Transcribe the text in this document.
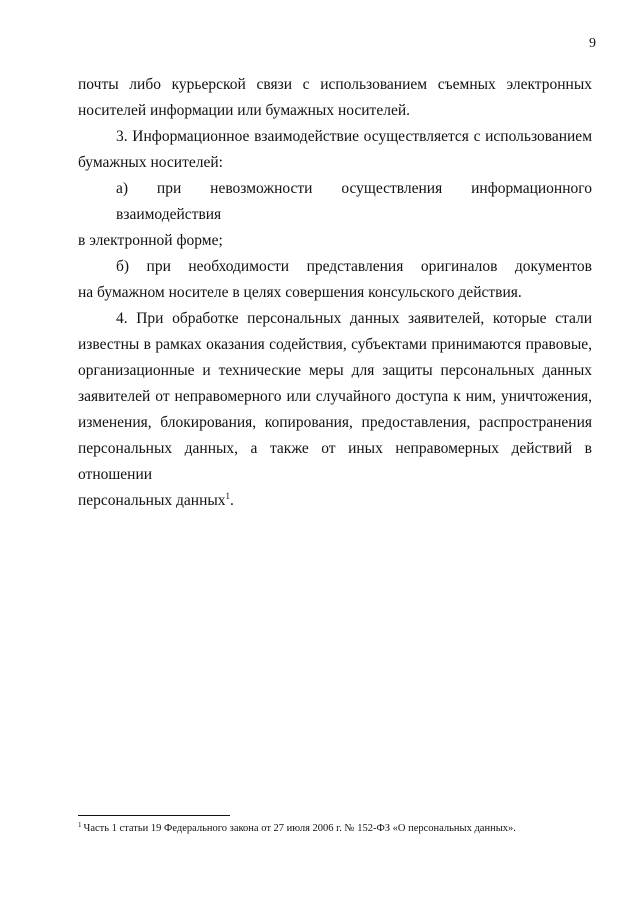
9

почты либо курьерской связи с использованием съемных электронных
носителей информации или бумажных носителей.

3. Информационное взаимодействие осуществляется с использованием
бумажных носителей:

а) при невозможности осуществления информационного взаимодействия
в электронной форме;

б) при необходимости представления оригиналов документов
на бумажном носителе в целях совершения консульского действия.

4. При обработке персональных данных заявителей, которые стали
известны в рамках оказания содействия, субъектами принимаются правовые,
организационные и технические меры для защиты персональных данных
заявителей от неправомерного или случайного доступа к ним, уничтожения,
изменения, блокирования, копирования, предоставления, распространения
персональных данных, а также от иных неправомерных действий в отношении
персональных данных$^1$.

$^1$ Часть 1 статьи 19 Федерального закона от 27 июля 2006 г. № 152-ФЗ «О персональных данных».
